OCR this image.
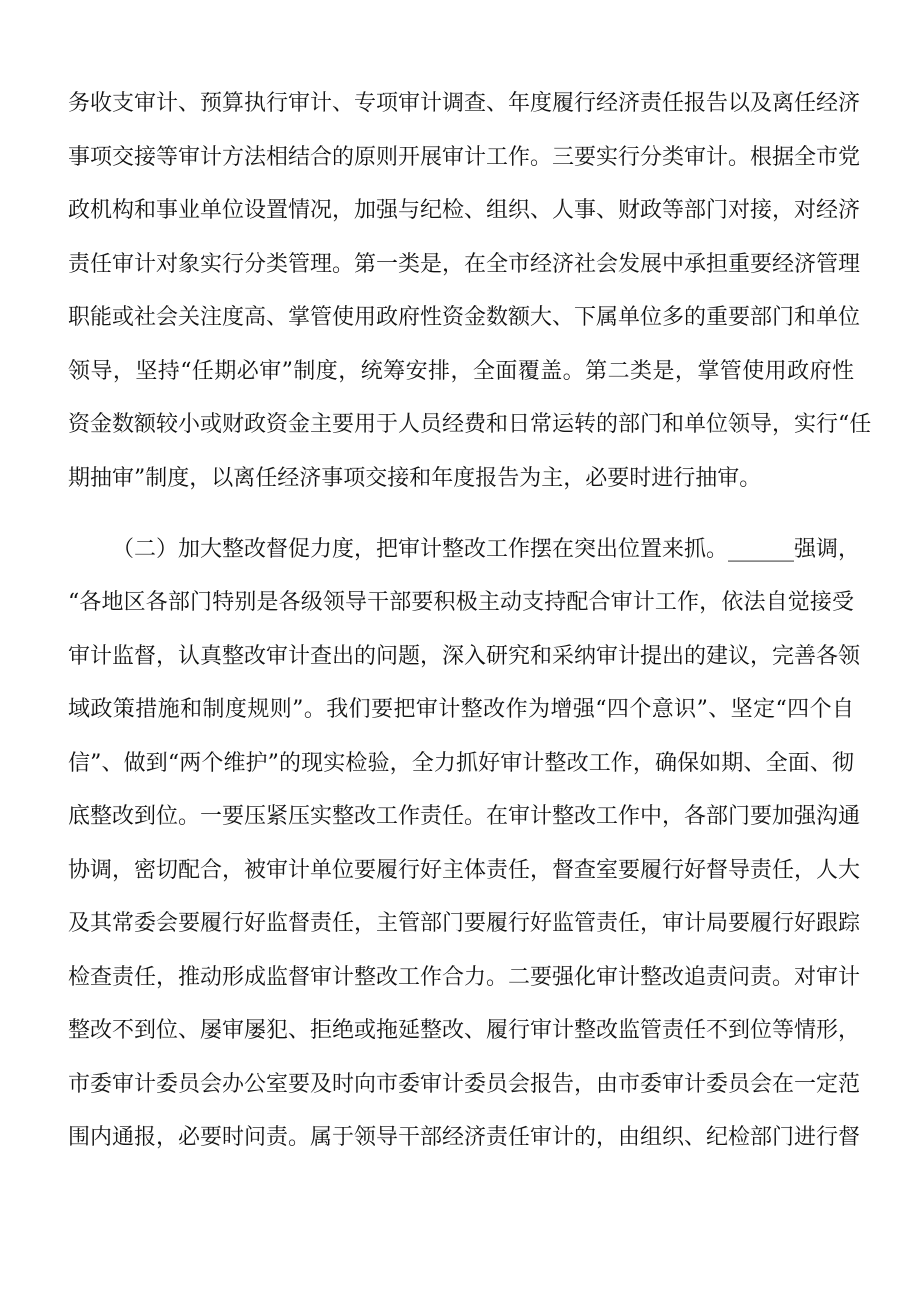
务收支审计、预算执行审计、专项审计调查、年度履行经济责任报告以及离任经济
事项交接等审计方法相结合的原则开展审计工作。三要实行分类审计。根据全市党
政机构和事业单位设置情况，加强与纪检、组织、人事、财政等部门对接，对经济
责任审计对象实行分类管理。第一类是，在全市经济社会发展中承担重要经济管理
职能或社会关注度高、掌管使用政府性资金数额大、下属单位多的重要部门和单位
领导，坚持“任期必审”制度，统筹安排，全面覆盖。第二类是，掌管使用政府性
资金数额较小或财政资金主要用于人员经费和日常运转的部门和单位领导，实行“任
期抽审”制度，以离任经济事项交接和年度报告为主，必要时进行抽审。
（二）加大整改督促力度，把审计整改工作摆在突出位置来抓。______强调，
“各地区各部门特别是各级领导干部要积极主动支持配合审计工作，依法自觉接受
审计监督，认真整改审计查出的问题，深入研究和采纳审计提出的建议，完善各领
域政策措施和制度规则”。我们要把审计整改作为增强“四个意识”、坚定“四个自
信”、做到“两个维护”的现实检验，全力抓好审计整改工作，确保如期、全面、彻
底整改到位。一要压紧压实整改工作责任。在审计整改工作中，各部门要加强沟通
协调，密切配合，被审计单位要履行好主体责任，督查室要履行好督导责任，人大
及其常委会要履行好监督责任，主管部门要履行好监管责任，审计局要履行好跟踪
检查责任，推动形成监督审计整改工作合力。二要强化审计整改追责问责。对审计
整改不到位、屡审屡犯、拒绝或拖延整改、履行审计整改监管责任不到位等情形，
市委审计委员会办公室要及时向市委审计委员会报告，由市委审计委员会在一定范
围内通报，必要时问责。属于领导干部经济责任审计的，由组织、纪检部门进行督
